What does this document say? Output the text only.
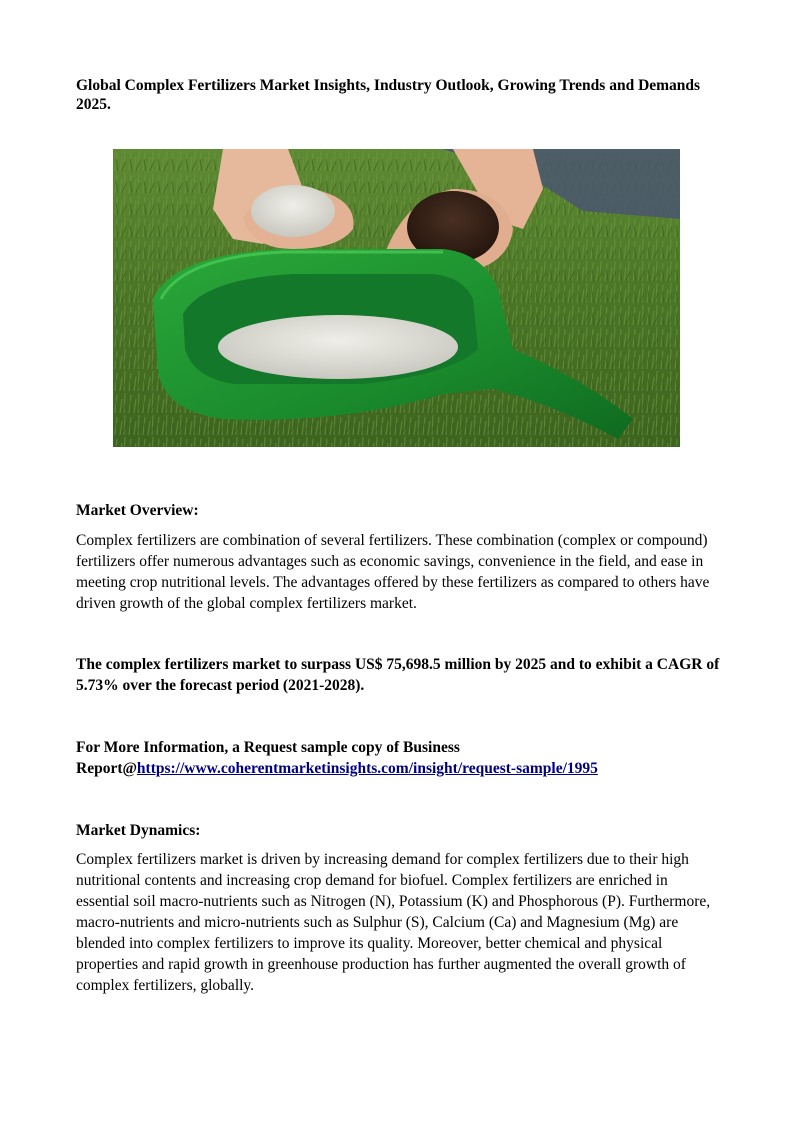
Global Complex Fertilizers Market Insights, Industry Outlook, Growing Trends and Demands 2025.
Market Overview:

Complex fertilizers are combination of several fertilizers. These combination (complex or compound) fertilizers offer numerous advantages such as economic savings, convenience in the field, and ease in meeting crop nutritional levels. The advantages offered by these fertilizers as compared to others have driven growth of the global complex fertilizers market.

The complex fertilizers market to surpass US$ 75,698.5 million by 2025 and to exhibit a CAGR of 5.73% over the forecast period (2021-2028).

For More Information, a Request sample copy of Business Report@https://www.coherentmarketinsights.com/insight/request-sample/1995

Market Dynamics:

Complex fertilizers market is driven by increasing demand for complex fertilizers due to their high nutritional contents and increasing crop demand for biofuel. Complex fertilizers are enriched in essential soil macro-nutrients such as Nitrogen (N), Potassium (K) and Phosphorous (P). Furthermore, macro-nutrients and micro-nutrients such as Sulphur (S), Calcium (Ca) and Magnesium (Mg) are blended into complex fertilizers to improve its quality. Moreover, better chemical and physical properties and rapid growth in greenhouse production has further augmented the overall growth of complex fertilizers, globally.
